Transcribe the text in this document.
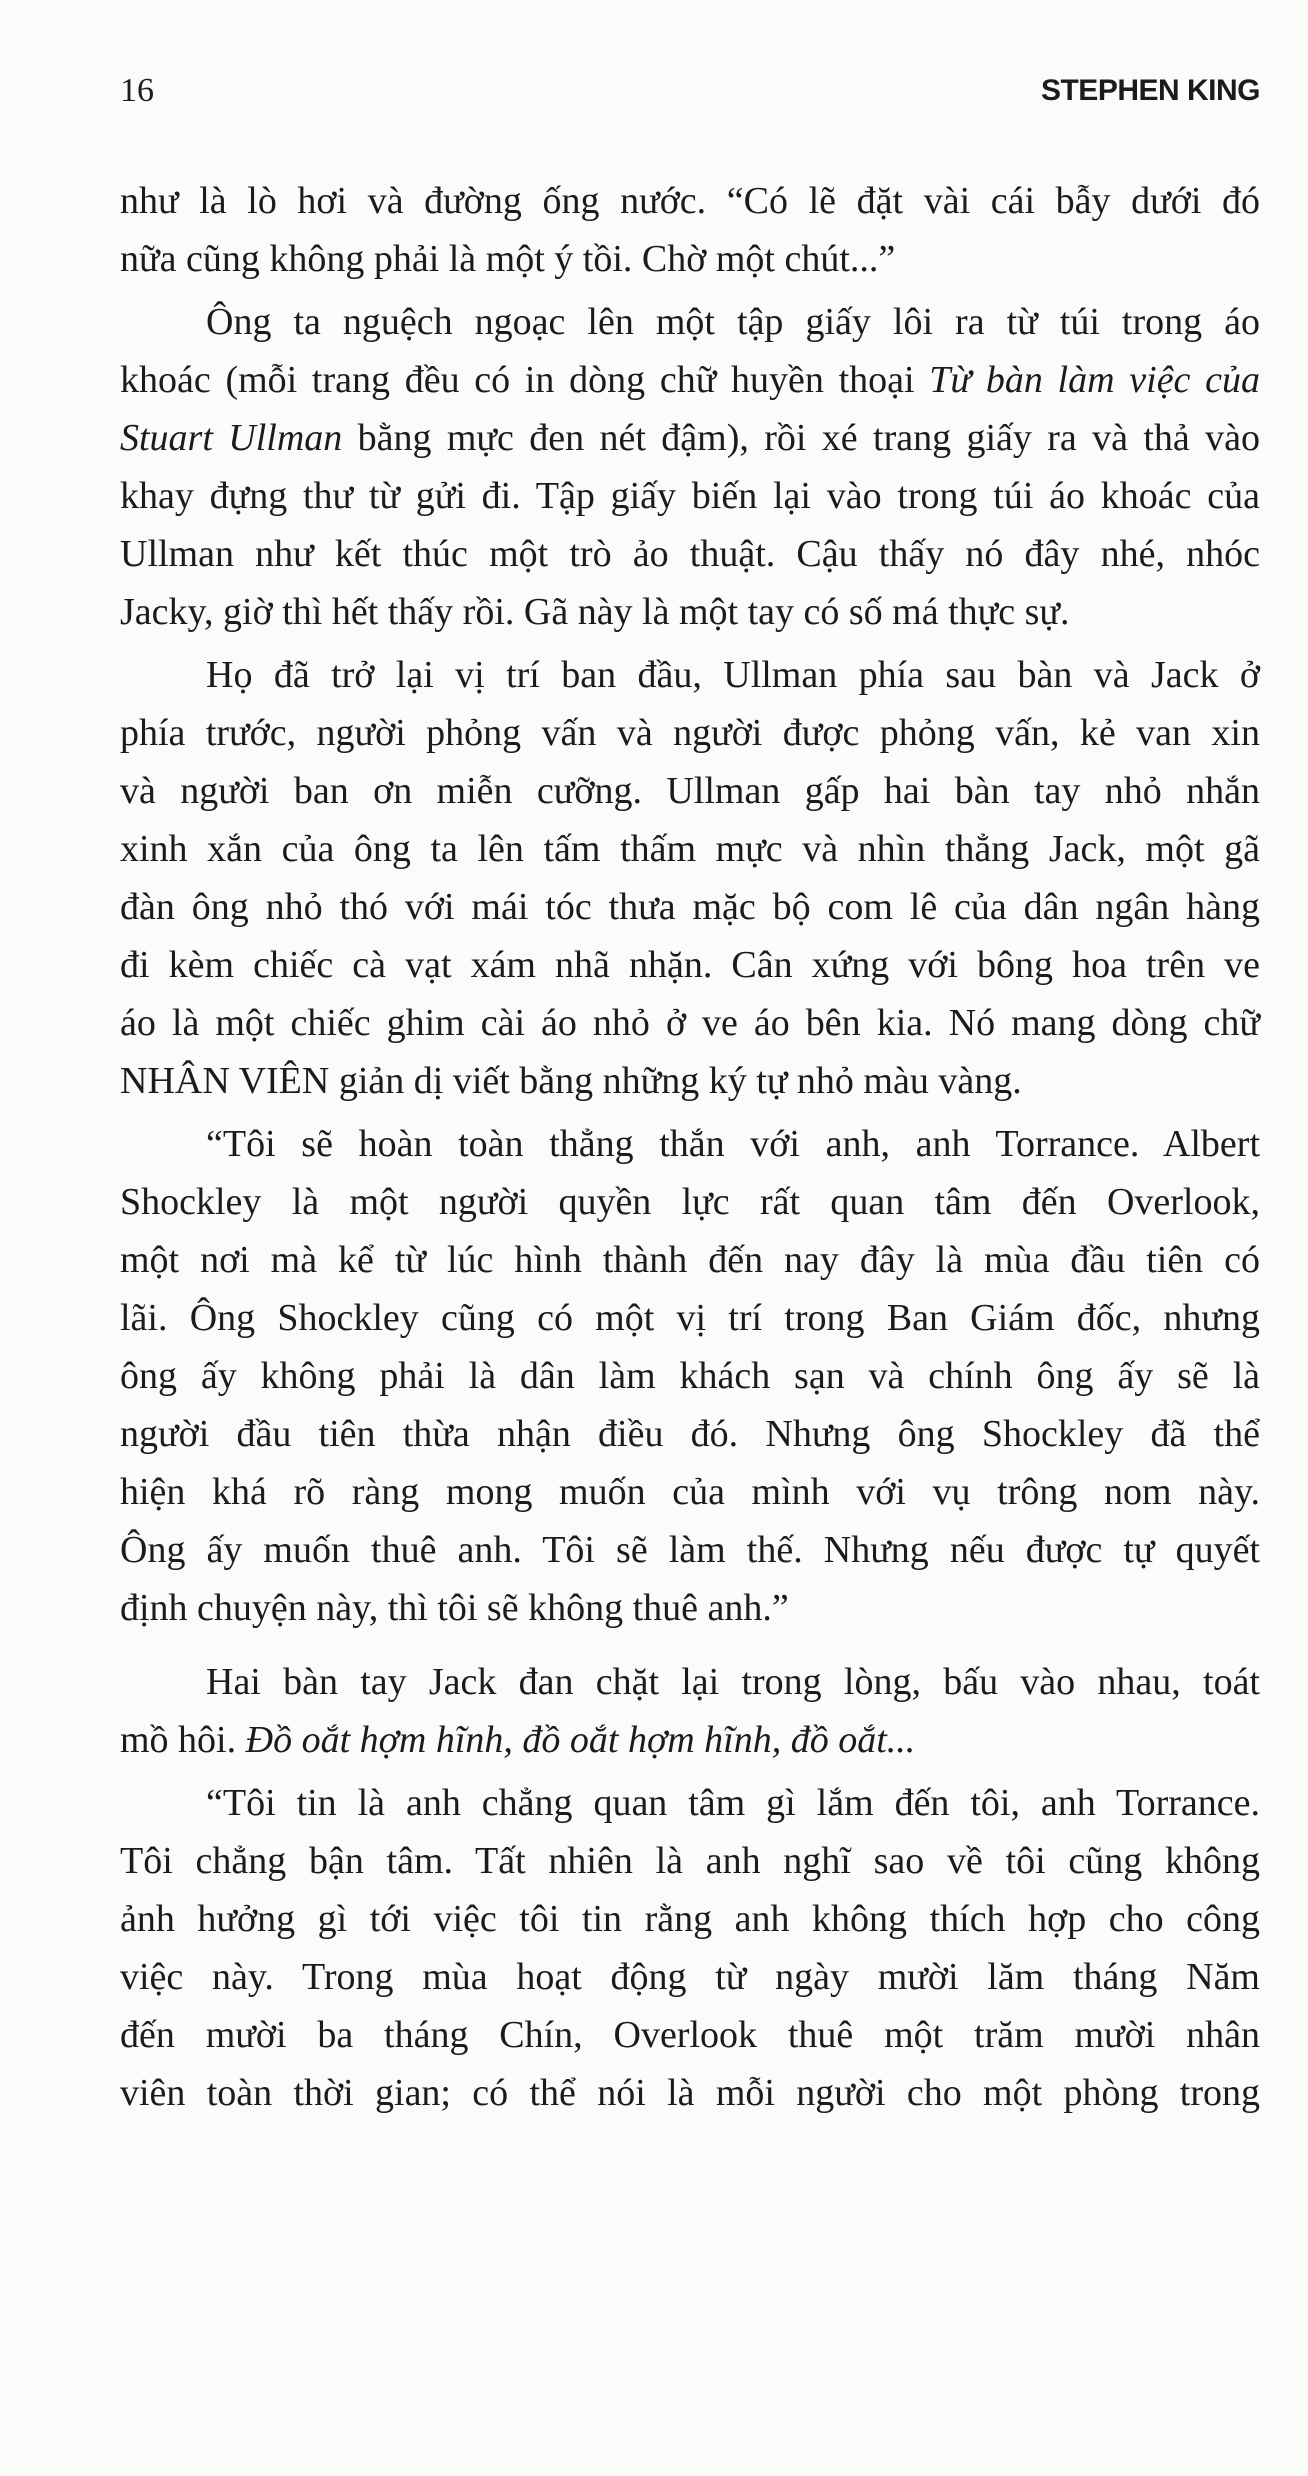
16	STEPHEN KING
như là lò hơi và đường ống nước. “Có lẽ đặt vài cái bẫy dưới đó
nữa cũng không phải là một ý tồi. Chờ một chút...”
Ông ta nguệch ngoạc lên một tập giấy lôi ra từ túi trong áo
khoác (mỗi trang đều có in dòng chữ huyền thoại Từ bàn làm việc của
Stuart Ullman bằng mực đen nét đậm), rồi xé trang giấy ra và thả vào
khay đựng thư từ gửi đi. Tập giấy biến lại vào trong túi áo khoác của
Ullman như kết thúc một trò ảo thuật. Cậu thấy nó đây nhé, nhóc
Jacky, giờ thì hết thấy rồi. Gã này là một tay có số má thực sự.
Họ đã trở lại vị trí ban đầu, Ullman phía sau bàn và Jack ở
phía trước, người phỏng vấn và người được phỏng vấn, kẻ van xin
và người ban ơn miễn cưỡng. Ullman gấp hai bàn tay nhỏ nhắn
xinh xắn của ông ta lên tấm thấm mực và nhìn thẳng Jack, một gã
đàn ông nhỏ thó với mái tóc thưa mặc bộ com lê của dân ngân hàng
đi kèm chiếc cà vạt xám nhã nhặn. Cân xứng với bông hoa trên ve
áo là một chiếc ghim cài áo nhỏ ở ve áo bên kia. Nó mang dòng chữ
NHÂN VIÊN giản dị viết bằng những ký tự nhỏ màu vàng.
“Tôi sẽ hoàn toàn thẳng thắn với anh, anh Torrance. Albert
Shockley là một người quyền lực rất quan tâm đến Overlook,
một nơi mà kể từ lúc hình thành đến nay đây là mùa đầu tiên có
lãi. Ông Shockley cũng có một vị trí trong Ban Giám đốc, nhưng
ông ấy không phải là dân làm khách sạn và chính ông ấy sẽ là
người đầu tiên thừa nhận điều đó. Nhưng ông Shockley đã thể
hiện khá rõ ràng mong muốn của mình với vụ trông nom này.
Ông ấy muốn thuê anh. Tôi sẽ làm thế. Nhưng nếu được tự quyết
định chuyện này, thì tôi sẽ không thuê anh.”
Hai bàn tay Jack đan chặt lại trong lòng, bấu vào nhau, toát
mồ hôi. Đồ oắt hợm hĩnh, đồ oắt hợm hĩnh, đồ oắt...
“Tôi tin là anh chẳng quan tâm gì lắm đến tôi, anh Torrance.
Tôi chẳng bận tâm. Tất nhiên là anh nghĩ sao về tôi cũng không
ảnh hưởng gì tới việc tôi tin rằng anh không thích hợp cho công
việc này. Trong mùa hoạt động từ ngày mười lăm tháng Năm
đến mười ba tháng Chín, Overlook thuê một trăm mười nhân
viên toàn thời gian; có thể nói là mỗi người cho một phòng trong
